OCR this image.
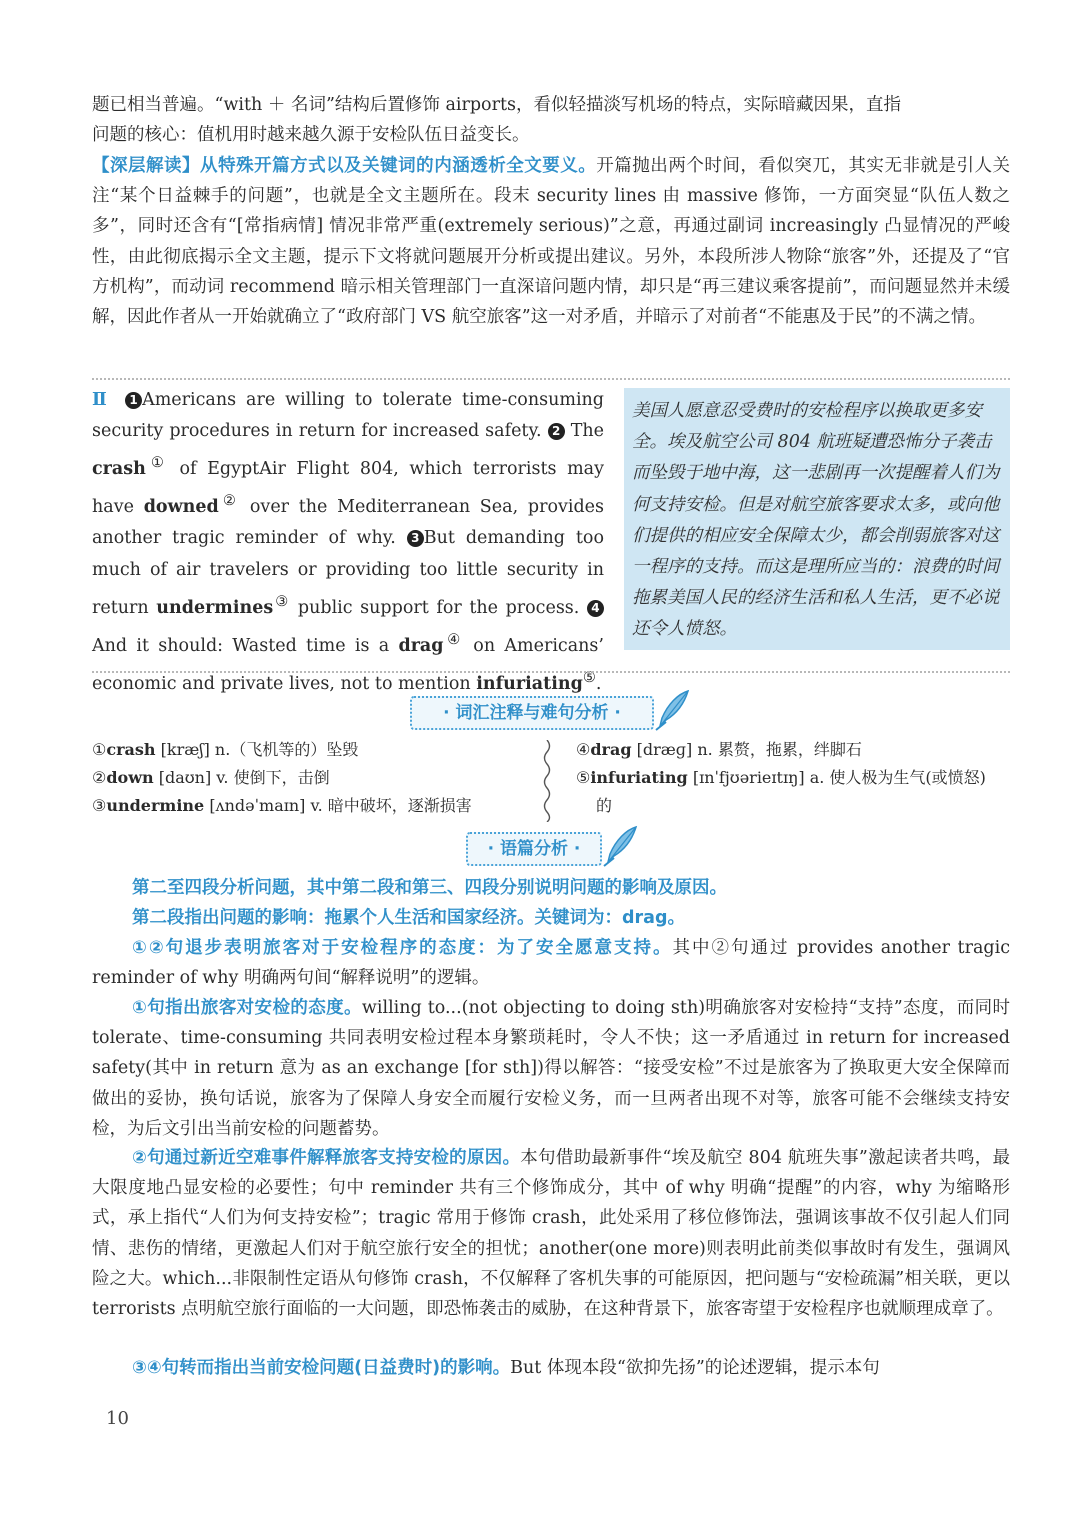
题已相当普遍。“with ＋ 名词”结构后置修饰 airports，看似轻描淡写机场的特点，实际暗藏因果，直指
问题的核心：值机用时越来越久源于安检队伍日益变长。

【深层解读】从特殊开篇方式以及关键词的内涵透析全文要义。开篇抛出两个时间，看似突兀，其实无非就是引人关注“某个日益棘手的问题”，也就是全文主题所在。段末 security lines 由 massive 修饰，一方面突显“队伍人数之多”，同时还含有“[常指病情] 情况非常严重(extremely serious)”之意，再通过副词 increasingly 凸显情况的严峻性，由此彻底揭示全文主题，提示下文将就问题展开分析或提出建议。另外，本段所涉人物除“旅客”外，还提及了“官方机构”，而动词 recommend 暗示相关管理部门一直深谙问题内情，却只是“再三建议乘客提前”，而问题显然并未缓解，因此作者从一开始就确立了“政府部门 VS 航空旅客”这一对矛盾，并暗示了对前者“不能惠及于民”的不满之情。

Ⅱ 1 Americans are willing to tolerate time-consuming security procedures in return for increased safety. 2 The crash① of EgyptAir Flight 804, which terrorists may have downed② over the Mediterranean Sea, provides another tragic reminder of why. 3 But demanding too much of air travelers or providing too little security in return undermines③ public support for the process. 4 And it should: Wasted time is a drag④ on Americans’ economic and private lives, not to mention infuriating⑤.
美国人愿意忍受费时的安检程序以换取更多安全。埃及航空公司 804 航班疑遭恐怖分子袭击而坠毁于地中海，这一悲剧再一次提醒着人们为何支持安检。但是对航空旅客要求太多，或向他们提供的相应安全保障太少，都会削弱旅客对这一程序的支持。而这是理所应当的：浪费的时间拖累美国人民的经济生活和私人生活，更不必说还令人愤怒。
· 词汇注释与难句分析 ·
①crash [kræʃ] n.（飞机等的）坠毁
②down [daʊn] v. 使倒下，击倒
③undermine [ʌndəˈmaɪn] v. 暗中破坏，逐渐损害
④drag [dræɡ] n. 累赘，拖累，绊脚石
⑤infuriating [ɪnˈfjʊərieɪtɪŋ] a. 使人极为生气(或愤怒)
的
· 语篇分析 ·

第二至四段分析问题，其中第二段和第三、四段分别说明问题的影响及原因。

第二段指出问题的影响：拖累个人生活和国家经济。关键词为：drag。

①②句退步表明旅客对于安检程序的态度：为了安全愿意支持。其中②句通过 provides another tragic reminder of why 明确两句间“解释说明”的逻辑。

①句指出旅客对安检的态度。willing to...(not objecting to doing sth)明确旅客对安检持“支持”态度，而同时 tolerate、time-consuming 共同表明安检过程本身繁琐耗时，令人不快；这一矛盾通过 in return for increased safety(其中 in return 意为 as an exchange [for sth])得以解答：“接受安检”不过是旅客为了换取更大安全保障而做出的妥协，换句话说，旅客为了保障人身安全而履行安检义务，而一旦两者出现不对等，旅客可能不会继续支持安检，为后文引出当前安检的问题蓄势。

②句通过新近空难事件解释旅客支持安检的原因。本句借助最新事件“埃及航空 804 航班失事”激起读者共鸣，最大限度地凸显安检的必要性；句中 reminder 共有三个修饰成分，其中 of why 明确“提醒”的内容，why 为缩略形式，承上指代“人们为何支持安检”；tragic 常用于修饰 crash，此处采用了移位修饰法，强调该事故不仅引起人们同情、悲伤的情绪，更激起人们对于航空旅行安全的担忧；another(one more)则表明此前类似事故时有发生，强调风险之大。which...非限制性定语从句修饰 crash，不仅解释了客机失事的可能原因，把问题与“安检疏漏”相关联，更以 terrorists 点明航空旅行面临的一大问题，即恐怖袭击的威胁，在这种背景下，旅客寄望于安检程序也就顺理成章了。

③④句转而指出当前安检问题(日益费时)的影响。But 体现本段“欲抑先扬”的论述逻辑，提示本句

10
